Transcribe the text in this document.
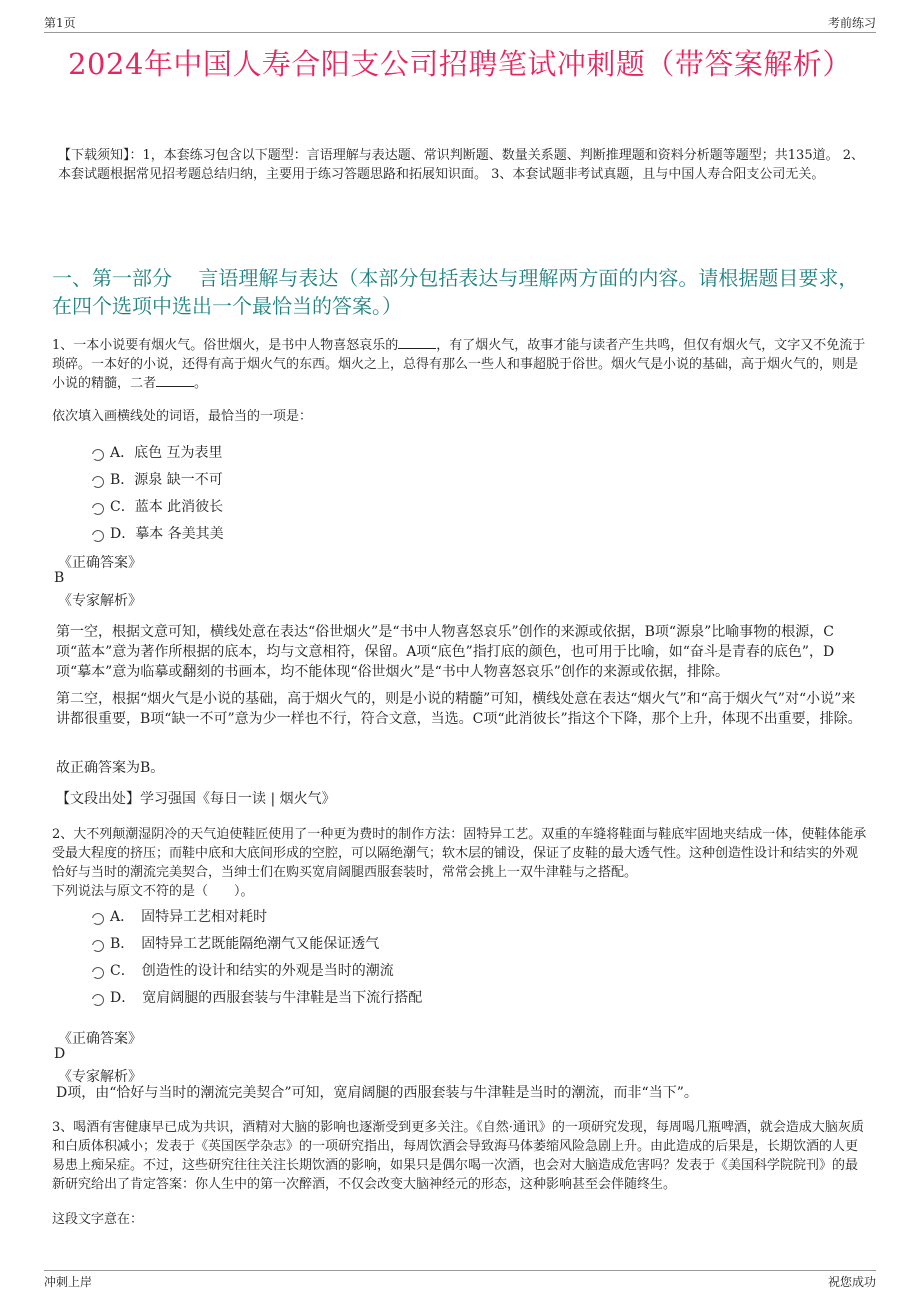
第1页	考前练习
2024年中国人寿合阳支公司招聘笔试冲刺题（带答案解析）
【下载须知】：1，本套练习包含以下题型：言语理解与表达题、常识判断题、数量关系题、判断推理题和资料分析题等题型；共135道。 2、本套试题根据常见招考题总结归纳，主要用于练习答题思路和拓展知识面。 3、本套试题非考试真题，且与中国人寿合阳支公司无关。
一、第一部分　 言语理解与表达（本部分包括表达与理解两方面的内容。请根据题目要求，在四个选项中选出一个最恰当的答案。）
1、一本小说要有烟火气。俗世烟火，是书中人物喜怒哀乐的	，有了烟火气，故事才能与读者产生共鸣，但仅有烟火气，文字又不免流于琐碎。一本好的小说，还得有高于烟火气的东西。烟火之上，总得有那么一些人和事超脱于俗世。烟火气是小说的基础，高于烟火气的，则是小说的精髓，二者	。
依次填入画横线处的词语，最恰当的一项是：
A．底色 互为表里
B．源泉 缺一不可
C．蓝本 此消彼长
D．摹本 各美其美
《正确答案》
B
《专家解析》
第一空，根据文意可知，横线处意在表达“俗世烟火”是“书中人物喜怒哀乐”创作的来源或依据，B项“源泉”比喻事物的根源，C项“蓝本”意为著作所根据的底本，均与文意相符，保留。A项“底色”指打底的颜色，也可用于比喻，如“奋斗是青春的底色”，D项“摹本”意为临摹或翻刻的书画本，均不能体现“俗世烟火”是“书中人物喜怒哀乐”创作的来源或依据，排除。
第二空，根据“烟火气是小说的基础，高于烟火气的，则是小说的精髓”可知，横线处意在表达“烟火气”和“高于烟火气”对“小说”来讲都很重要，B项“缺一不可”意为少一样也不行，符合文意，当选。C项“此消彼长”指这个下降，那个上升，体现不出重要，排除。
故正确答案为B。
【文段出处】学习强国《每日一读 | 烟火气》
2、大不列颠潮湿阴冷的天气迫使鞋匠使用了一种更为费时的制作方法：固特异工艺。双重的车缝将鞋面与鞋底牢固地夹结成一体，使鞋体能承受最大程度的挤压；而鞋中底和大底间形成的空腔，可以隔绝潮气；软木层的铺设，保证了皮鞋的最大透气性。这种创造性设计和结实的外观恰好与当时的潮流完美契合，当绅士们在购买宽肩阔腿西服套装时，常常会挑上一双牛津鞋与之搭配。
下列说法与原文不符的是（　　）。
A．　固特异工艺相对耗时
B．　固特异工艺既能隔绝潮气又能保证透气
C．　创造性的设计和结实的外观是当时的潮流
D．　宽肩阔腿的西服套装与牛津鞋是当下流行搭配
《正确答案》
D
《专家解析》
D项，由“恰好与当时的潮流完美契合”可知，宽肩阔腿的西服套装与牛津鞋是当时的潮流，而非“当下”。
3、喝酒有害健康早已成为共识，酒精对大脑的影响也逐渐受到更多关注。《自然·通讯》的一项研究发现，每周喝几瓶啤酒，就会造成大脑灰质和白质体积减小；发表于《英国医学杂志》的一项研究指出，每周饮酒会导致海马体萎缩风险急剧上升。由此造成的后果是，长期饮酒的人更易患上痴呆症。不过，这些研究往往关注长期饮酒的影响，如果只是偶尔喝一次酒，也会对大脑造成危害吗？发表于《美国科学院院刊》的最新研究给出了肯定答案：你人生中的第一次醉酒，不仅会改变大脑神经元的形态，这种影响甚至会伴随终生。
这段文字意在：
冲刺上岸	祝您成功
